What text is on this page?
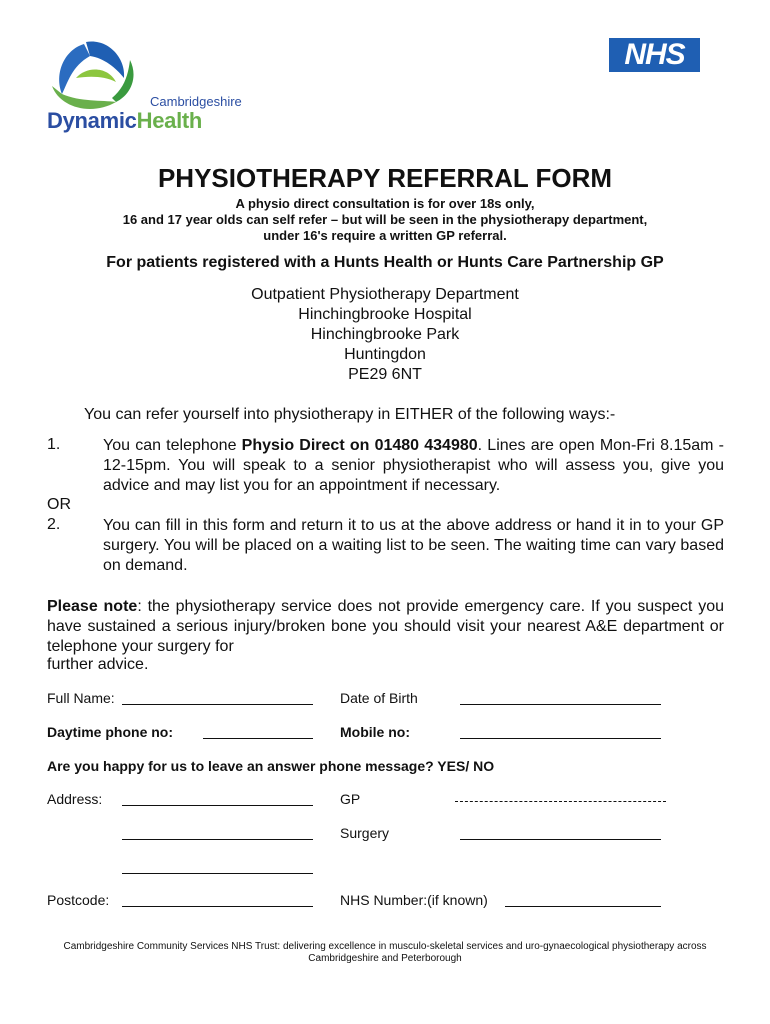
Cambridgeshire
DynamicHealth
NHS
PHYSIOTHERAPY REFERRAL FORM
A physio direct consultation is for over 18s only,
16 and 17 year olds can self refer – but will be seen in the physiotherapy department,
under 16's require a written GP referral.
For patients registered with a Hunts Health or Hunts Care Partnership GP
Outpatient Physiotherapy Department
Hinchingbrooke Hospital
Hinchingbrooke Park
Huntingdon
PE29 6NT
You can refer yourself into physiotherapy in EITHER of the following ways:-
1.	You can telephone Physio Direct on 01480 434980. Lines are open Mon-Fri 8.15am - 12-15pm. You will speak to a senior physiotherapist who will assess you, give you advice and may list you for an appointment if necessary.
OR
2.	You can fill in this form and return it to us at the above address or hand it in to your GP surgery. You will be placed on a waiting list to be seen. The waiting time can vary based on demand.
Please note: the physiotherapy service does not provide emergency care. If you suspect you have sustained a serious injury/broken bone you should visit your nearest A&E department or telephone your surgery for
further advice.
Full Name:	Date of Birth
Daytime phone no:	Mobile no:
Are you happy for us to leave an answer phone message? YES/ NO
Address:	GP
Surgery
Postcode:	NHS Number:(if known)
Cambridgeshire Community Services NHS Trust: delivering excellence in musculo-skeletal services and uro-gynaecological physiotherapy across
Cambridgeshire and Peterborough
